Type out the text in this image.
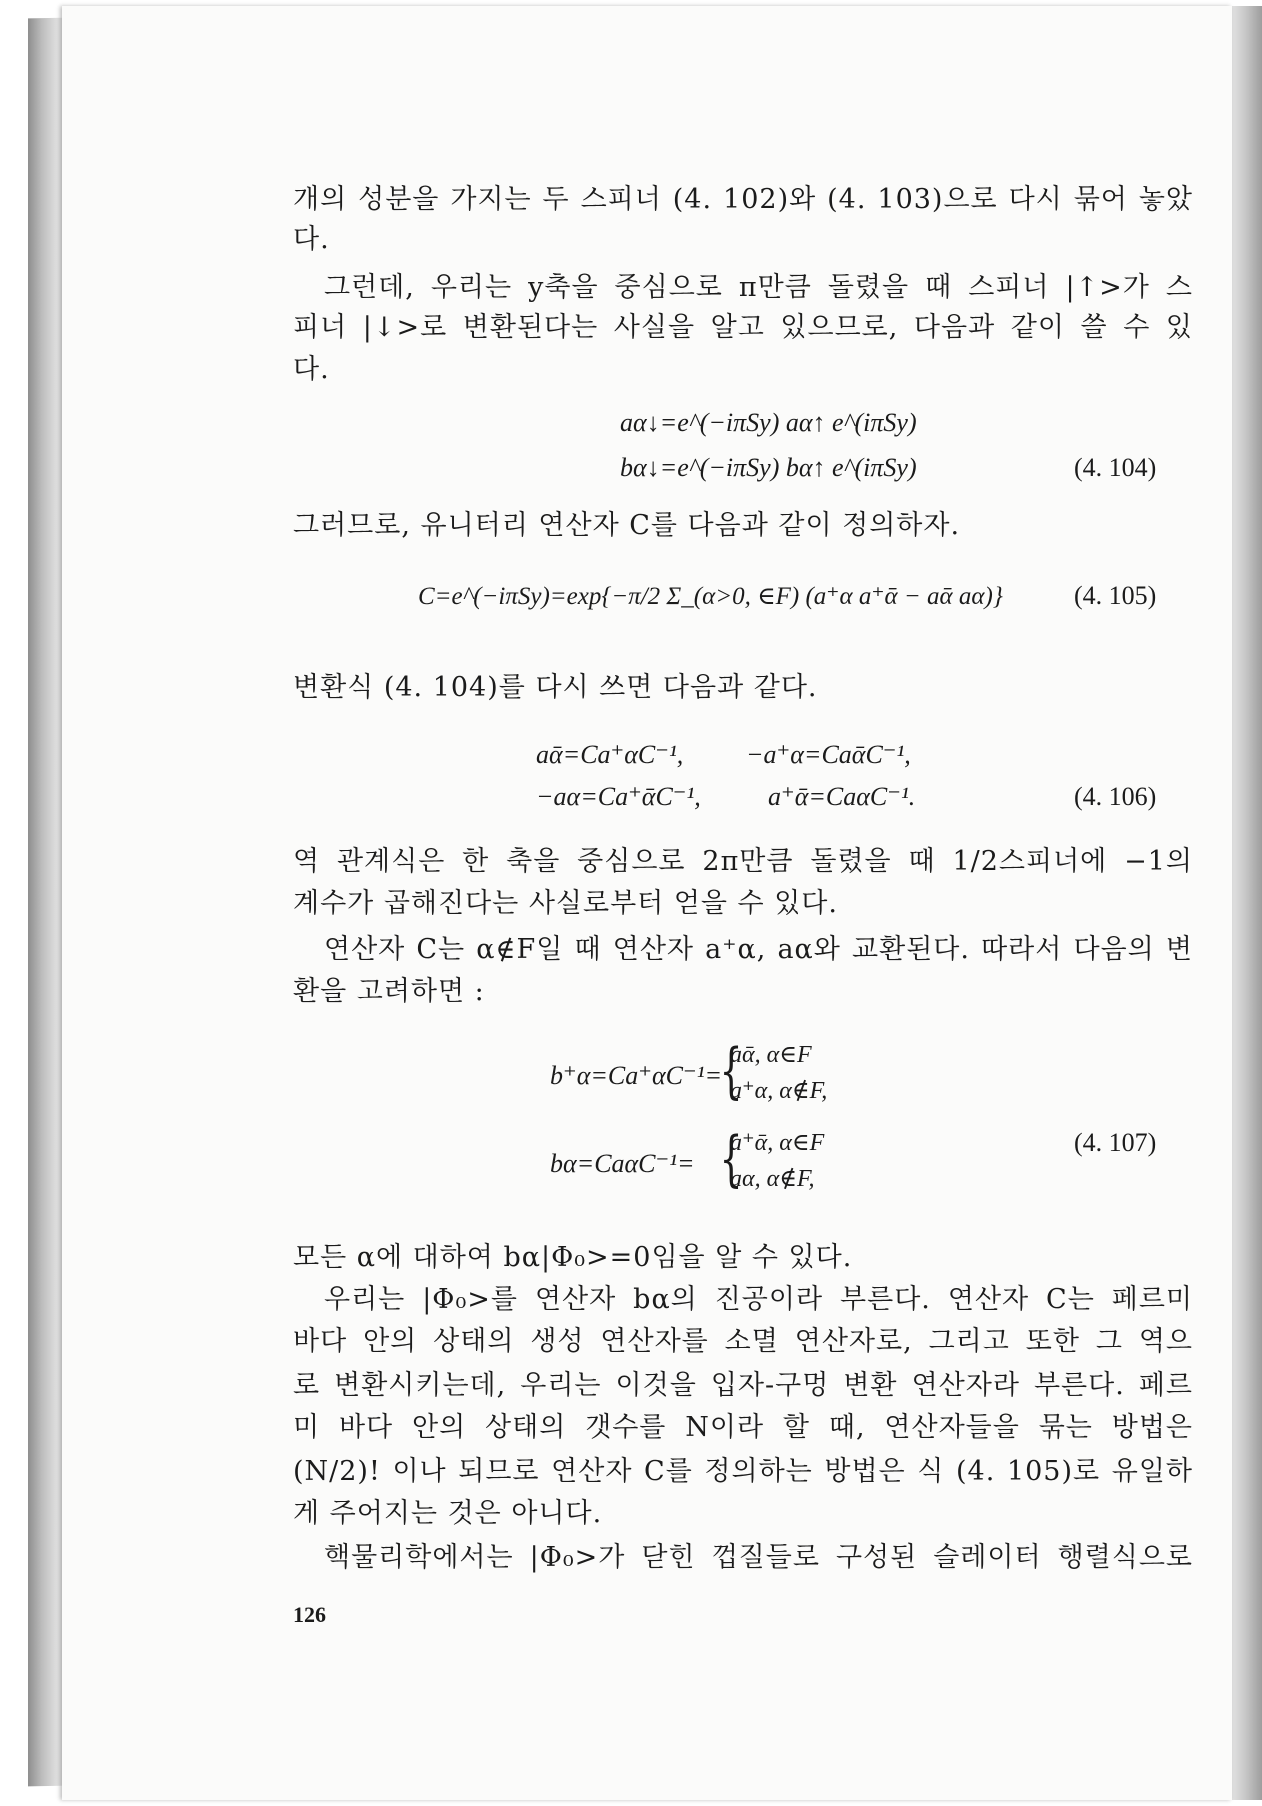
개의 성분을 가지는 두 스피너 (4. 102)와 (4. 103)으로 다시 묶어 놓았
다.
그런데, 우리는 y축을 중심으로 π만큼 돌렸을 때 스피너 |↑>가 스
피너 |↓>로 변환된다는 사실을 알고 있으므로, 다음과 같이 쓸 수 있
다.
aα↓=e^(−iπSy) aα↑ e^(iπSy)
bα↓=e^(−iπSy) bα↑ e^(iπSy)	(4. 104)
그러므로, 유니터리 연산자 C를 다음과 같이 정의하자.
C=e^(−iπSy)=exp{−π/2 Σ_(α>0, ∈F) (a⁺α a⁺ᾱ − aᾱ aα)}	(4. 105)
변환식 (4. 104)를 다시 쓰면 다음과 같다.
aᾱ=Ca⁺αC⁻¹, −a⁺α=CaᾱC⁻¹,
−aα=Ca⁺ᾱC⁻¹,	a⁺ᾱ=CaαC⁻¹.	(4. 106)
역 관계식은 한 축을 중심으로 2π만큼 돌렸을 때 1/2스피너에 −1의
계수가 곱해진다는 사실로부터 얻을 수 있다.
연산자 C는 α∉F일 때 연산자 a⁺α, aα와 교환된다. 따라서 다음의 변
환을 고려하면 :
b⁺α=Ca⁺αC⁻¹=
{
aᾱ, α∈F
a⁺α, α∉F,
bα=CaαC⁻¹= {
a⁺ᾱ, α∈F
aα, α∉F,
(4. 107)
모든 α에 대하여 bα|Φ₀>=0임을 알 수 있다.
우리는 |Φ₀>를 연산자 bα의 진공이라 부른다. 연산자 C는 페르미
바다 안의 상태의 생성 연산자를 소멸 연산자로, 그리고 또한 그 역으
로 변환시키는데, 우리는 이것을 입자-구멍 변환 연산자라 부른다. 페르
미 바다 안의 상태의 갯수를 N이라 할 때, 연산자들을 묶는 방법은
(N/2)! 이나 되므로 연산자 C를 정의하는 방법은 식 (4. 105)로 유일하
게 주어지는 것은 아니다.
핵물리학에서는 |Φ₀>가 닫힌 껍질들로 구성된 슬레이터 행렬식으로
126
